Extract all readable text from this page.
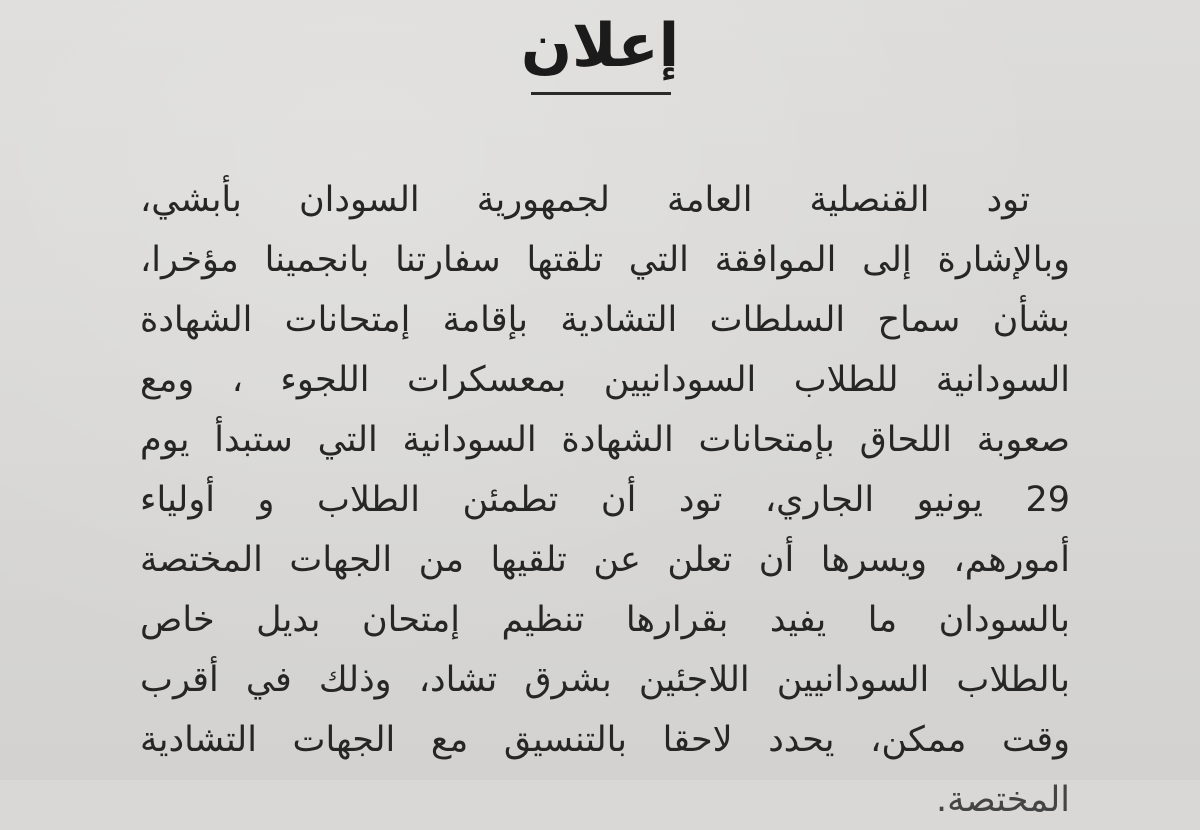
إعلان
تود القنصلية العامة لجمهورية السودان بأبشي،
وبالإشارة إلى الموافقة التي تلقتها سفارتنا بانجمينا مؤخرا،
بشأن سماح السلطات التشادية بإقامة إمتحانات الشهادة
السودانية للطلاب السودانيين بمعسكرات اللجوء ، ومع
صعوبة اللحاق بإمتحانات الشهادة السودانية التي ستبدأ يوم
29 يونيو الجاري، تود أن تطمئن الطلاب و أولياء
أمورهم، ويسرها أن تعلن عن تلقيها من الجهات المختصة
بالسودان ما يفيد بقرارها تنظيم إمتحان بديل خاص
بالطلاب السودانيين اللاجئين بشرق تشاد، وذلك في أقرب
وقت ممكن، يحدد لاحقا بالتنسيق مع الجهات التشادية
المختصة.
